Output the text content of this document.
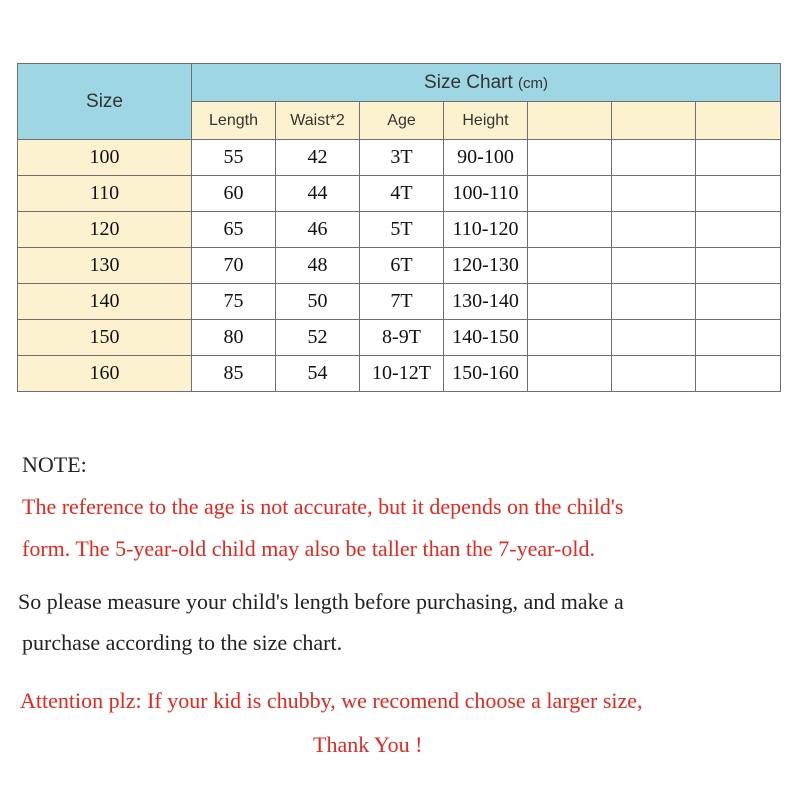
Size	Size Chart (cm)						
	Length	Waist*2	Age	Height			
100	55	42	3T	90-100			
110	60	44	4T	100-110			
120	65	46	5T	110-120			
130	70	48	6T	120-130			
140	75	50	7T	130-140			
150	80	52	8-9T	140-150			
160	85	54	10-12T	150-160			

NOTE:

The reference to the age is not accurate, but it depends on the child's

form. The 5-year-old child may also be taller than the 7-year-old.

So please measure your child's length before purchasing, and make a

purchase according to the size chart.

Attention plz: If your kid is chubby, we recomend choose a larger size,

Thank You !
